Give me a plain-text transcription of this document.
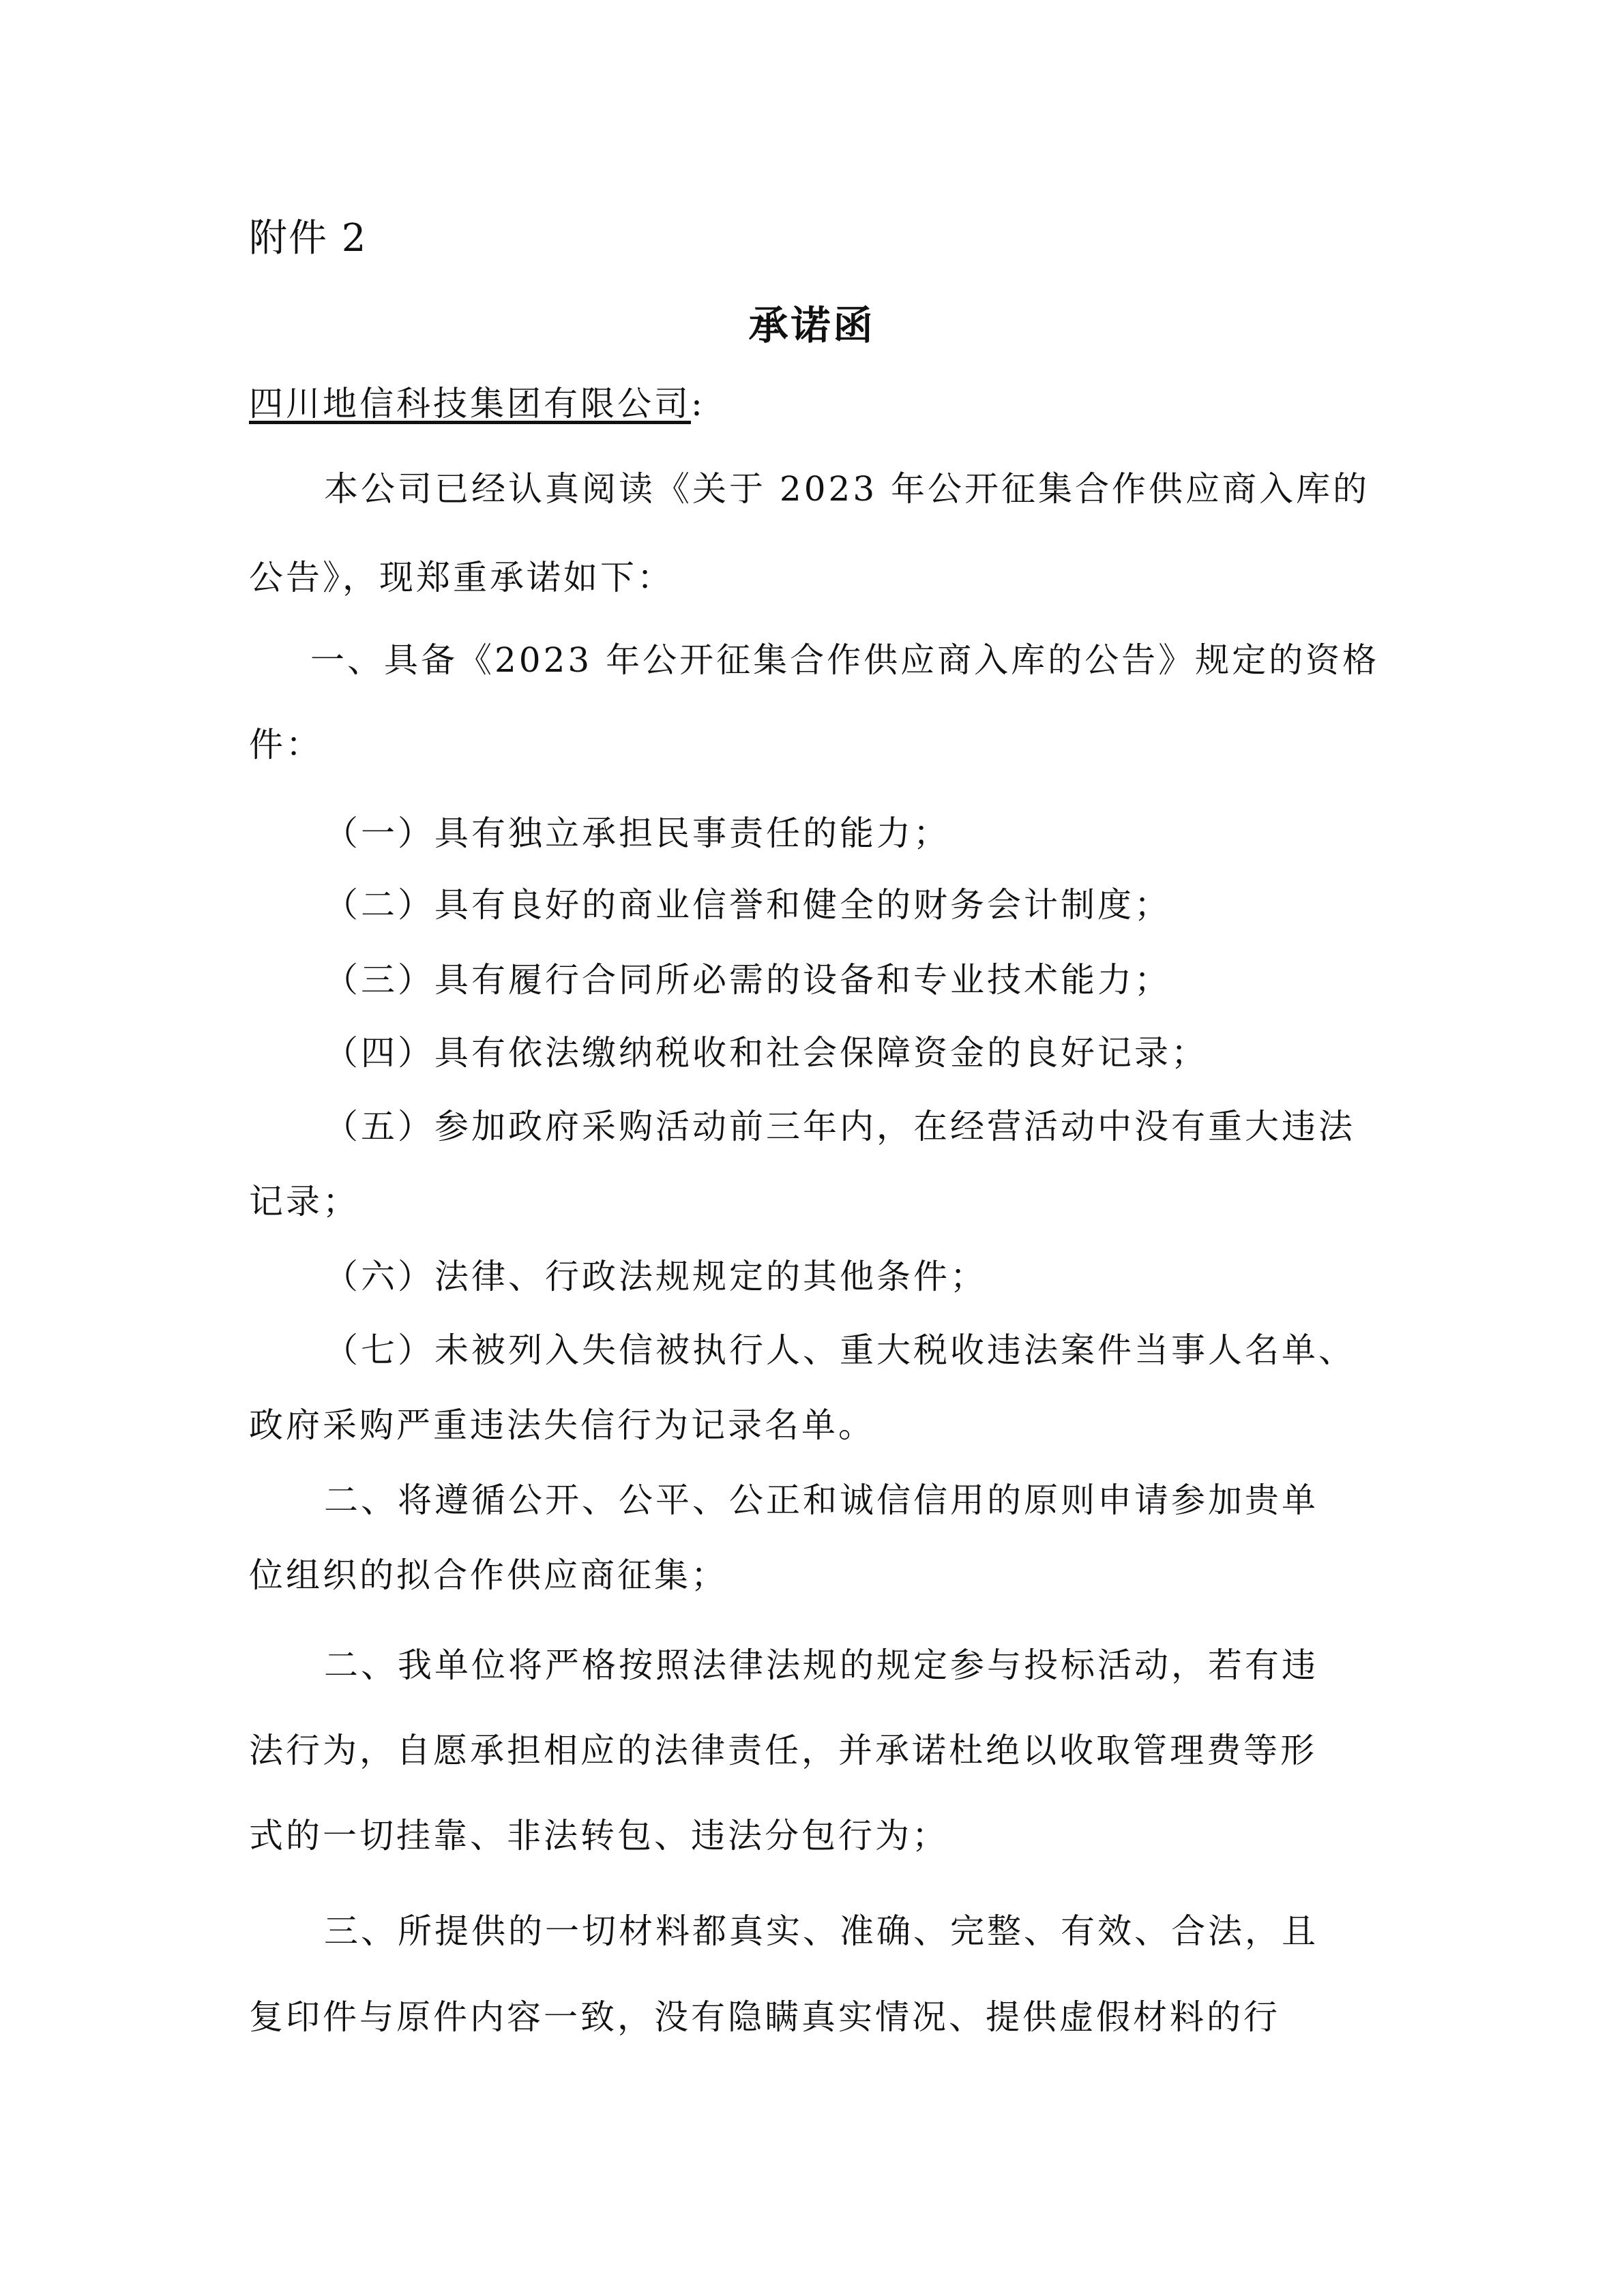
附件 2
承诺函
四川地信科技集团有限公司:
本公司已经认真阅读《关于 2023 年公开征集合作供应商入库的
公告》，现郑重承诺如下：
一、具备《2023 年公开征集合作供应商入库的公告》规定的资格
件：
（一）具有独立承担民事责任的能力；
（二）具有良好的商业信誉和健全的财务会计制度；
（三）具有履行合同所必需的设备和专业技术能力；
（四）具有依法缴纳税收和社会保障资金的良好记录；
（五）参加政府采购活动前三年内，在经营活动中没有重大违法
记录；
（六）法律、行政法规规定的其他条件；
（七）未被列入失信被执行人、重大税收违法案件当事人名单、
政府采购严重违法失信行为记录名单。
二、将遵循公开、公平、公正和诚信信用的原则申请参加贵单
位组织的拟合作供应商征集；
二、我单位将严格按照法律法规的规定参与投标活动，若有违
法行为，自愿承担相应的法律责任，并承诺杜绝以收取管理费等形
式的一切挂靠、非法转包、违法分包行为；
三、所提供的一切材料都真实、准确、完整、有效、合法，且
复印件与原件内容一致，没有隐瞒真实情况、提供虚假材料的行
